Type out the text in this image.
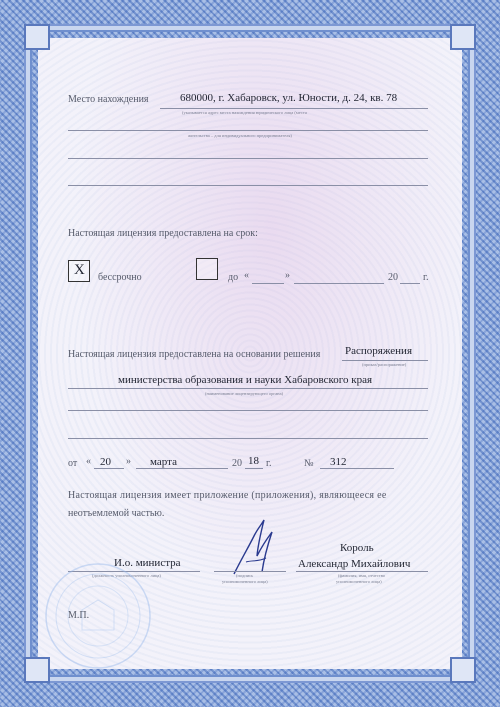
Место нахождения	680000, г. Хабаровск, ул. Юности, д. 24, кв. 78
(указывается адрес места нахождения юридического лица (места
жительства – для индивидуального предпринимателя)
Настоящая лицензия предоставлена на срок:
X бессрочно	до «	»	20	г.
Настоящая лицензия предоставлена на основании решения Распоряжения
(приказ/распоряжение)
министерства образования и науки Хабаровского края
(наименование лицензирующего органа)
от « 20 » марта	20 18 г.	№ 312
Настоящая лицензия имеет приложение (приложения), являющееся ее
неотъемлемой частью.
И.о. министра
(должность уполномоченного лица)	(подпись
уполномоченного лица)
Король
Александр Михайлович
(фамилия, имя, отчество
уполномоченного лица)
М.П.
